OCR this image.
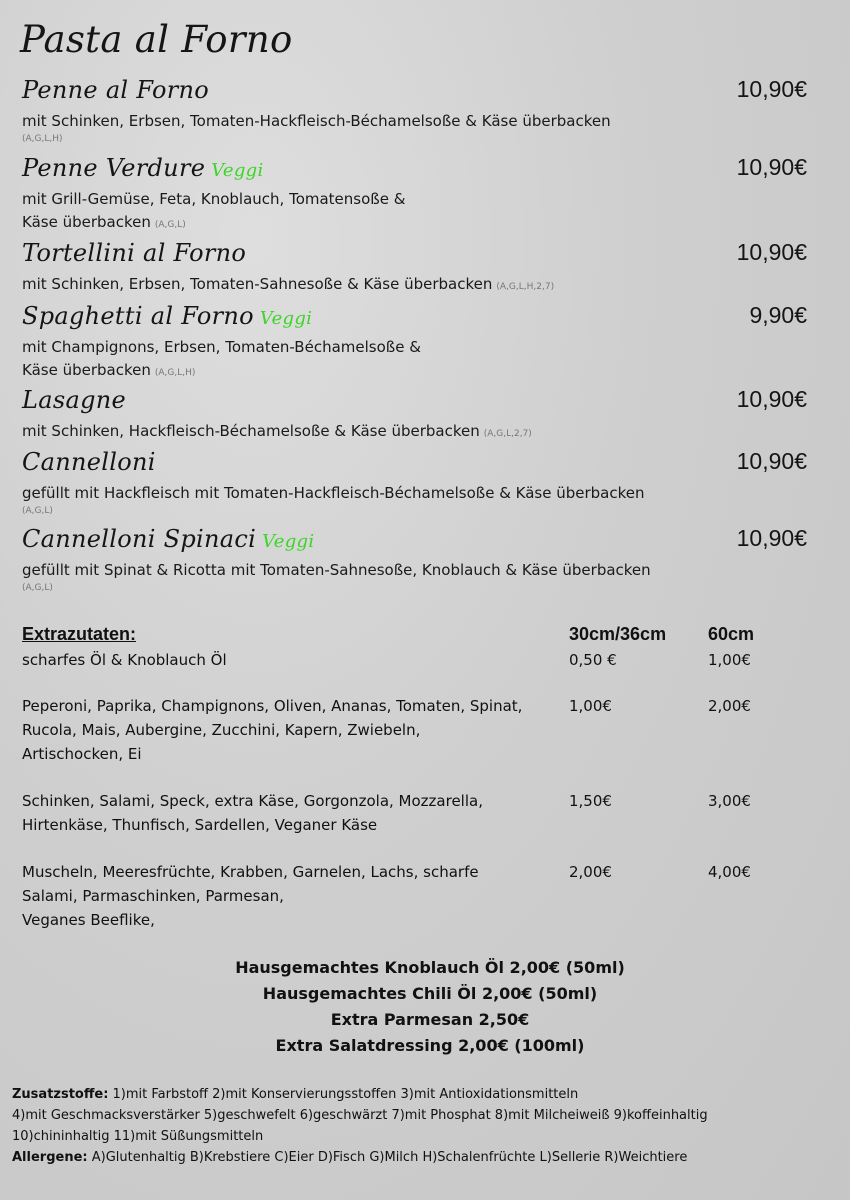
Pasta al Forno
Penne al Forno	10,90€
mit Schinken, Erbsen, Tomaten-Hackfleisch-Béchamelsoße & Käse überbacken
(A,G,L,H)
Penne Verdure Veggi	10,90€
mit Grill-Gemüse, Feta, Knoblauch, Tomatensoße &
Käse überbacken (A,G,L)
Tortellini al Forno	10,90€
mit Schinken, Erbsen, Tomaten-Sahnesoße & Käse überbacken (A,G,L,H,2,7)
Spaghetti al Forno Veggi	9,90€
mit Champignons, Erbsen, Tomaten-Béchamelsoße &
Käse überbacken (A,G,L,H)
Lasagne	10,90€
mit Schinken, Hackfleisch-Béchamelsoße & Käse überbacken (A,G,L,2,7)
Cannelloni	10,90€
gefüllt mit Hackfleisch mit Tomaten-Hackfleisch-Béchamelsoße & Käse überbacken
(A,G,L)
Cannelloni Spinaci Veggi	10,90€
gefüllt mit Spinat & Ricotta mit Tomaten-Sahnesoße, Knoblauch & Käse überbacken
(A,G,L)
Extrazutaten:	30cm/36cm 60cm
scharfes Öl & Knoblauch Öl	0,50 €	1,00€
Peperoni, Paprika, Champignons, Oliven, Ananas, Tomaten, Spinat,
Rucola, Mais, Aubergine, Zucchini, Kapern, Zwiebeln,
Artischocken, Ei
1,00€	2,00€
Schinken, Salami, Speck, extra Käse, Gorgonzola, Mozzarella,
Hirtenkäse, Thunfisch, Sardellen, Veganer Käse
1,50€	3,00€
Muscheln, Meeresfrüchte, Krabben, Garnelen, Lachs, scharfe
Salami, Parmaschinken, Parmesan,
Veganes Beeflike,
2,00€	4,00€
Hausgemachtes Knoblauch Öl 2,00€ (50ml)
Hausgemachtes Chili Öl 2,00€ (50ml)
Extra Parmesan 2,50€
Extra Salatdressing 2,00€ (100ml)
Zusatzstoffe: 1)mit Farbstoff 2)mit Konservierungsstoffen 3)mit Antioxidationsmitteln
4)mit Geschmacksverstärker 5)geschwefelt 6)geschwärzt 7)mit Phosphat 8)mit Milcheiweiß 9)koffeinhaltig
10)chininhaltig 11)mit Süßungsmitteln
Allergene: A)Glutenhaltig B)Krebstiere C)Eier D)Fisch G)Milch H)Schalenfrüchte L)Sellerie R)Weichtiere
